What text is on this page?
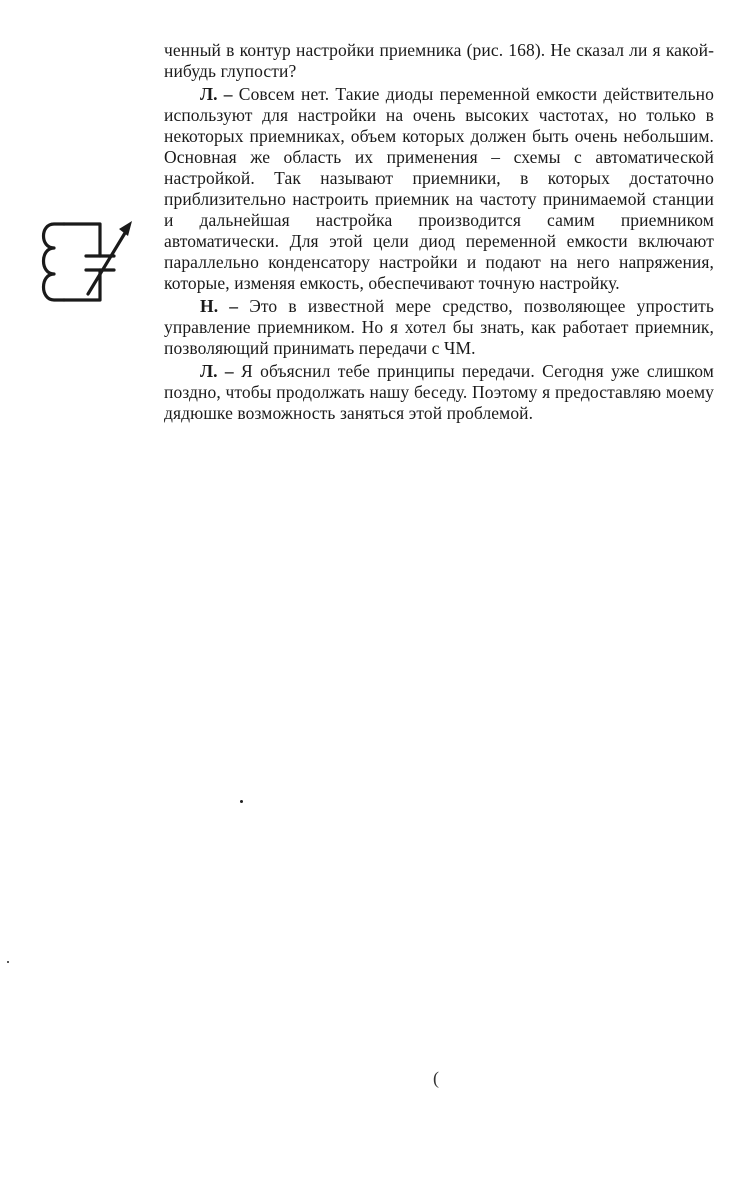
ченный в контур настройки приемника (рис. 168). Не сказал ли я какой-нибудь глупости?

Л. – Совсем нет. Такие диоды переменной емкости действительно используют для настройки на очень высоких частотах, но только в некоторых приемниках, объем которых должен быть очень небольшим. Основная же область их применения – схемы с автоматической настройкой. Так называют приемники, в которых достаточно приблизительно настроить приемник на частоту принимаемой станции и дальнейшая настройка производится самим приемником автоматически. Для этой цели диод переменной емкости включают параллельно конденсатору настройки и подают на него напряжения, которые, изменяя емкость, обеспечивают точную настройку.

Н. – Это в известной мере средство, позволяющее упростить управление приемником. Но я хотел бы знать, как работает приемник, позволяющий принимать передачи с ЧМ.

Л. – Я объяснил тебе принципы передачи. Сегодня уже слишком поздно, чтобы продолжать нашу беседу. Поэтому я предоставляю моему дядюшке возможность заняться этой проблемой.

(
